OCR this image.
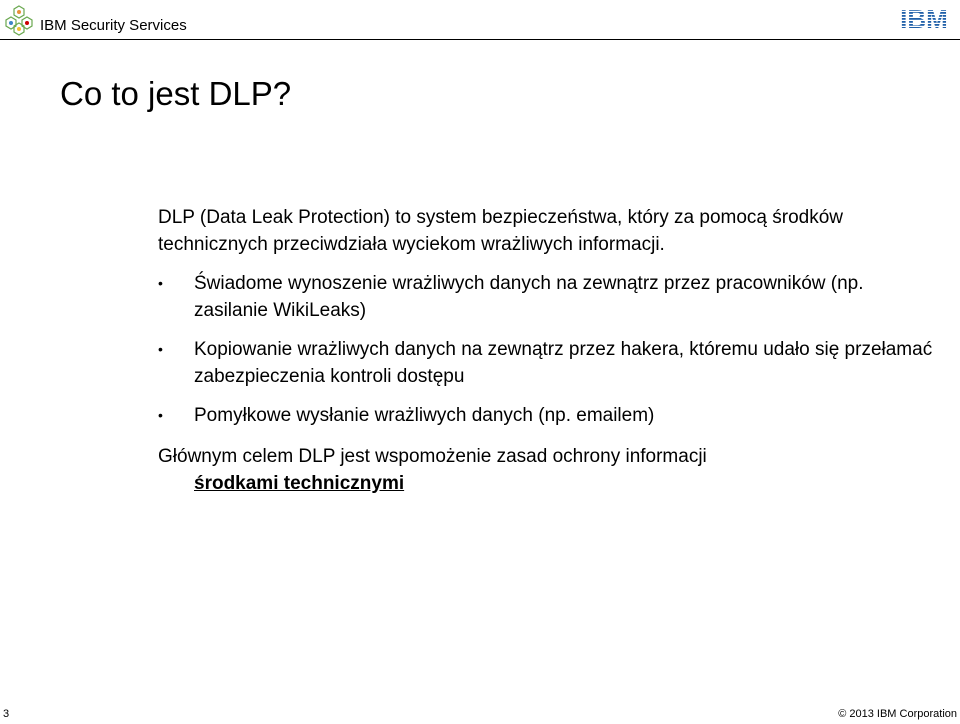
IBM Security Services	IBM
Co to jest DLP?

DLP (Data Leak Protection) to system bezpieczeństwa, który za pomocą środków technicznych przeciwdziała wyciekom wrażliwych informacji.

• Świadome wynoszenie wrażliwych danych na zewnątrz przez pracowników (np. zasilanie WikiLeaks)
• Kopiowanie wrażliwych danych na zewnątrz przez hakera, któremu udało się przełamać zabezpieczenia kontroli dostępu
• Pomyłkowe wysłanie wrażliwych danych (np. emailem)

Głównym celem DLP jest wspomożenie zasad ochrony informacji
środkami technicznymi

3	© 2013 IBM Corporation
